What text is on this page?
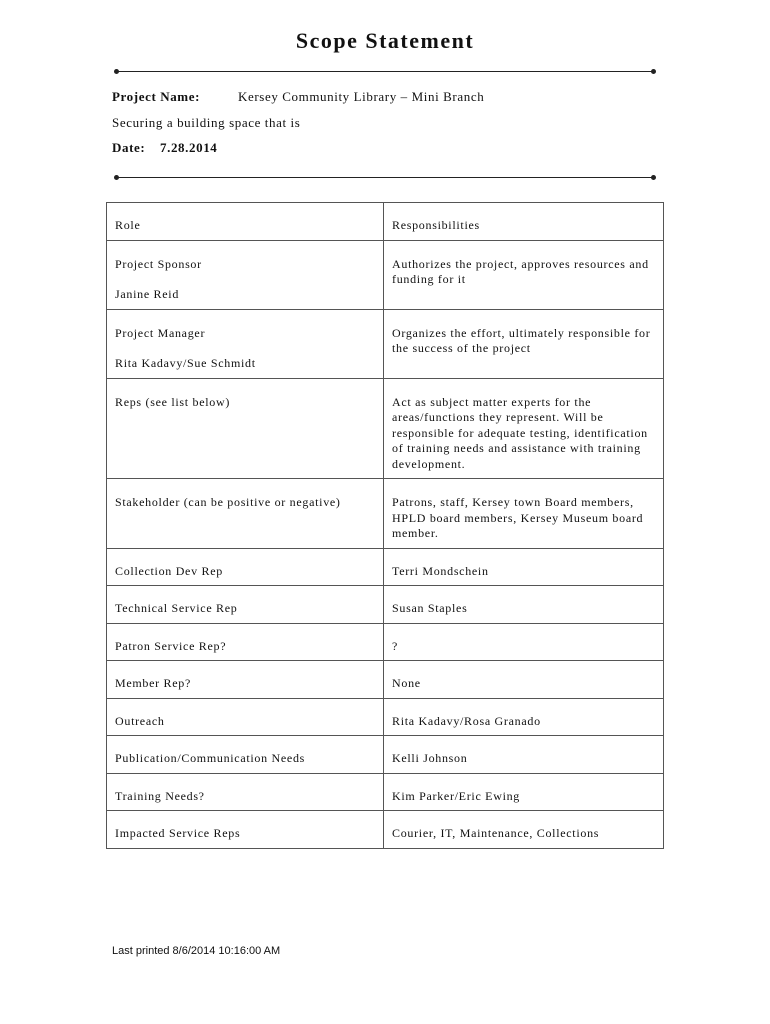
Scope Statement
Project Name:	Kersey Community Library – Mini Branch
Securing a building space that is
Date: 7.28.2014
Role	Responsibilities
Project Sponsor
Janine Reid	Authorizes the project, approves resources and funding for it
Project Manager
Rita Kadavy/Sue Schmidt	Organizes the effort, ultimately responsible for the success of the project
Reps (see list below)	Act as subject matter experts for the areas/functions they represent. Will be responsible for adequate testing, identification of training needs and assistance with training development.
Stakeholder (can be positive or negative)	Patrons, staff, Kersey town Board members, HPLD board members, Kersey Museum board member.
Collection Dev Rep	Terri Mondschein
Technical Service Rep	Susan Staples
Patron Service Rep?	?
Member Rep?	None
Outreach	Rita Kadavy/Rosa Granado
Publication/Communication Needs	Kelli Johnson
Training Needs?	Kim Parker/Eric Ewing
Impacted Service Reps	Courier, IT, Maintenance, Collections
Last printed 8/6/2014 10:16:00 AM
